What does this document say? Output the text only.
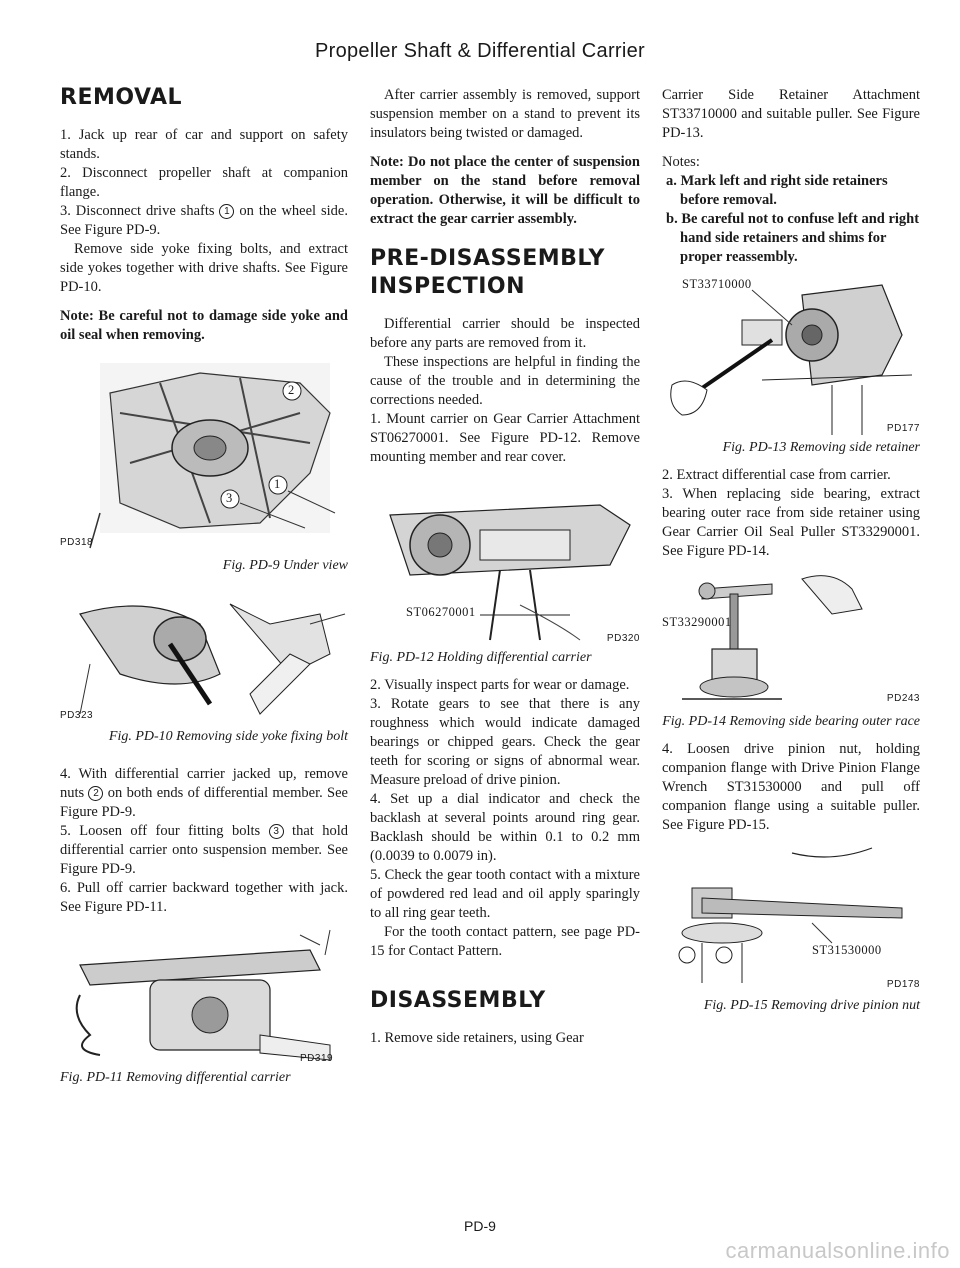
Propeller Shaft & Differential Carrier
REMOVAL

1. Jack up rear of car and support on safety stands.

2. Disconnect propeller shaft at companion flange.

3. Disconnect drive shafts 1 on the wheel side. See Figure PD-9.

Remove side yoke fixing bolts, and extract side yokes together with drive shafts. See Figure PD-10.

Note: Be careful not to damage side yoke and oil seal when removing.
2
3
1
PD318
Fig. PD-9 Under view
PD323
Fig. PD-10 Removing side yoke fixing bolt

4. With differential carrier jacked up, remove nuts 2 on both ends of differential member. See Figure PD-9.

5. Loosen off four fitting bolts 3 that hold differential carrier onto suspension member. See Figure PD-9.

6. Pull off carrier backward together with jack. See Figure PD-11.

PD319
Fig. PD-11 Removing differential carrier

After carrier assembly is removed, support suspension member on a stand to prevent its insulators being twisted or damaged.

Note: Do not place the center of suspension member on the stand before removal operation. Otherwise, it will be difficult to extract the gear carrier assembly.
PRE-DISASSEMBLY INSPECTION

Differential carrier should be inspected before any parts are removed from it.

These inspections are helpful in finding the cause of the trouble and in determining the corrections needed.

1. Mount carrier on Gear Carrier Attachment ST06270001. See Figure PD-12. Remove mounting member and rear cover.

ST06270001
PD320
Fig. PD-12 Holding differential carrier

2. Visually inspect parts for wear or damage.

3. Rotate gears to see that there is any roughness which would indicate damaged bearings or chipped gears. Check the gear teeth for scoring or signs of abnormal wear. Measure preload of drive pinion.

4. Set up a dial indicator and check the backlash at several points around ring gear. Backlash should be within 0.1 to 0.2 mm (0.0039 to 0.0079 in).

5. Check the gear tooth contact with a mixture of powdered red lead and oil apply sparingly to all ring gear teeth.

For the tooth contact pattern, see page PD-15 for Contact Pattern.

DISASSEMBLY

1. Remove side retainers, using Gear

Carrier Side Retainer Attachment ST33710000 and suitable puller. See Figure PD-13.

Notes:

a. Mark left and right side retainers before removal.
b. Be careful not to confuse left and right hand side retainers and shims for proper reassembly.
ST33710000
PD177
Fig. PD-13 Removing side retainer

2. Extract differential case from carrier.

3. When replacing side bearing, extract bearing outer race from side retainer using Gear Carrier Oil Seal Puller ST33290001. See Figure PD-14.

ST33290001
PD243
Fig. PD-14 Removing side bearing outer race

4. Loosen drive pinion nut, holding companion flange with Drive Pinion Flange Wrench ST31530000 and pull off companion flange using a suitable puller. See Figure PD-15.

ST31530000
PD178
Fig. PD-15 Removing drive pinion nut
PD-9
carmanualsonline.info
